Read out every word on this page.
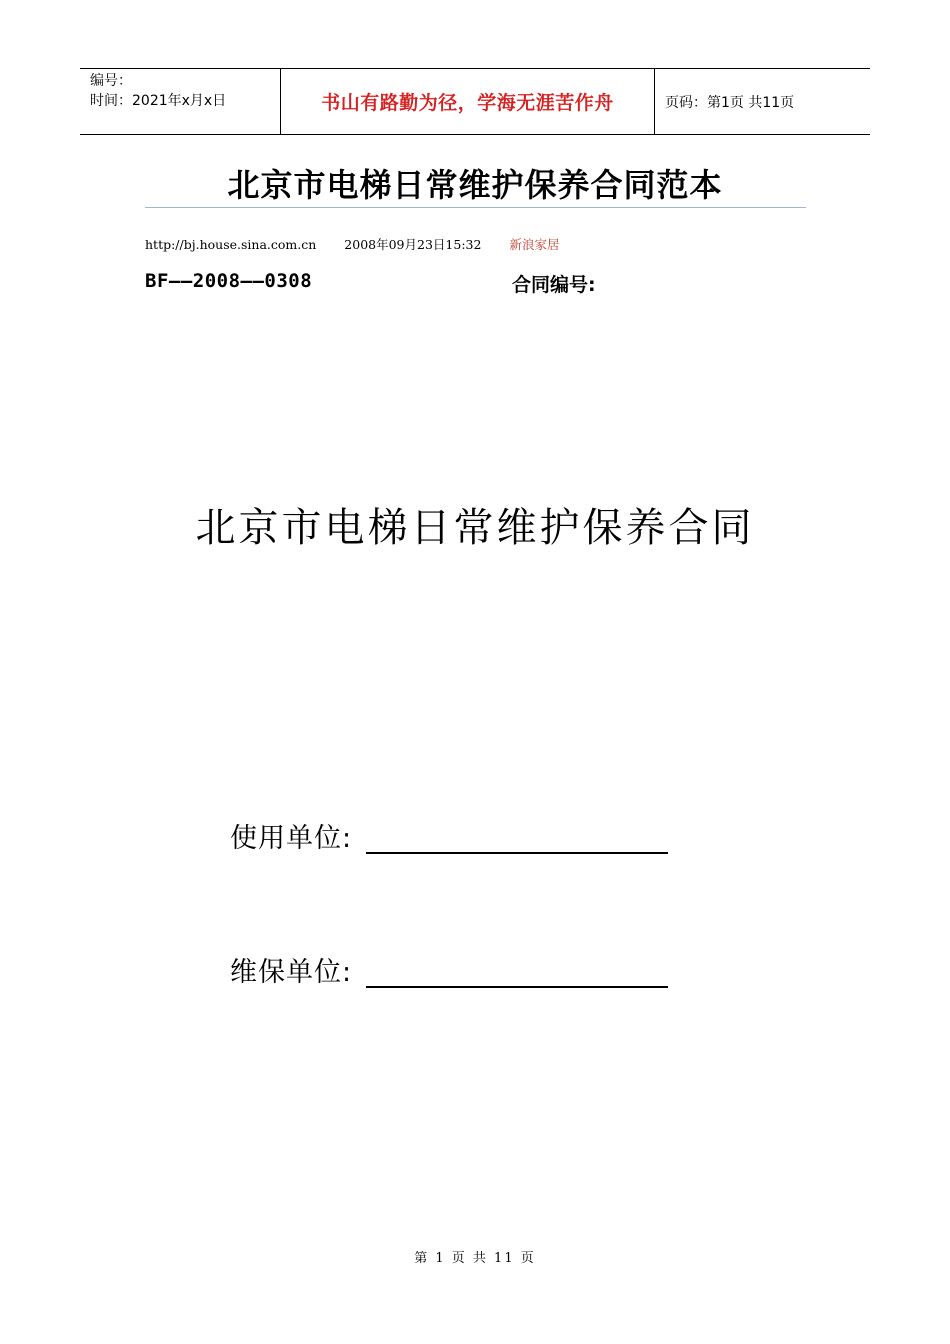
编号：
时间：2021年x月x日	书山有路勤为径，学海无涯苦作舟	页码：第1页 共11页
北京市电梯日常维护保养合同范本
http://bj.house.sina.com.cn 2008年09月23日15:32 新浪家居
BF——2008——0308	合同编号:
北京市电梯日常维护保养合同
使用单位:
维保单位:
第 1 页 共 11 页
